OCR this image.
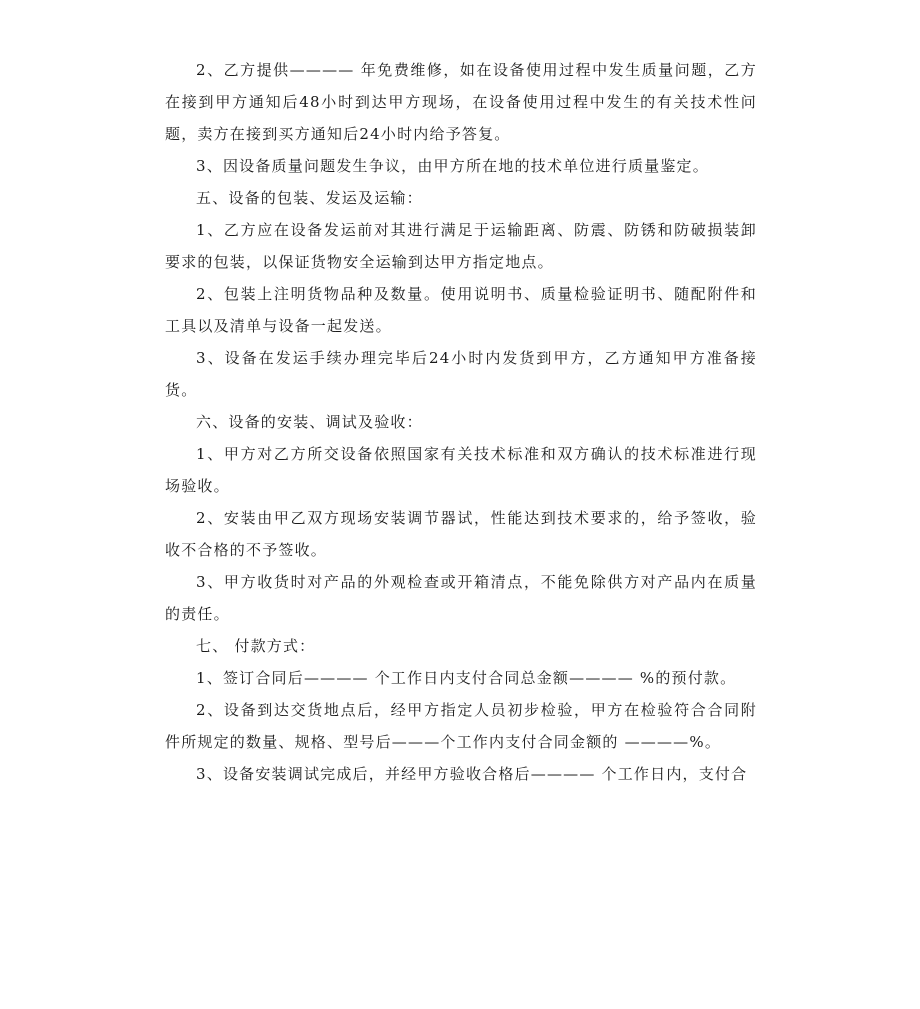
2、乙方提供———— 年免费维修，如在设备使用过程中发生质量问题，乙方在接到甲方通知后48小时到达甲方现场，在设备使用过程中发生的有关技术性问题，卖方在接到买方通知后24小时内给予答复。

3、因设备质量问题发生争议，由甲方所在地的技术单位进行质量鉴定。

五、设备的包装、发运及运输：

1、乙方应在设备发运前对其进行满足于运输距离、防震、防锈和防破损装卸要求的包装，以保证货物安全运输到达甲方指定地点。

2、包装上注明货物品种及数量。使用说明书、质量检验证明书、随配附件和工具以及清单与设备一起发送。

3、设备在发运手续办理完毕后24小时内发货到甲方，乙方通知甲方准备接货。

六、设备的安装、调试及验收：

1、甲方对乙方所交设备依照国家有关技术标准和双方确认的技术标准进行现场验收。

2、安装由甲乙双方现场安装调节器试，性能达到技术要求的，给予签收，验收不合格的不予签收。

3、甲方收货时对产品的外观检查或开箱清点，不能免除供方对产品内在质量的责任。

七、 付款方式：

1、签订合同后———— 个工作日内支付合同总金额———— %的预付款。

2、设备到达交货地点后，经甲方指定人员初步检验，甲方在检验符合合同附件所规定的数量、规格、型号后———个工作内支付合同金额的 ————%。

3、设备安装调试完成后，并经甲方验收合格后———— 个工作日内，支付合
